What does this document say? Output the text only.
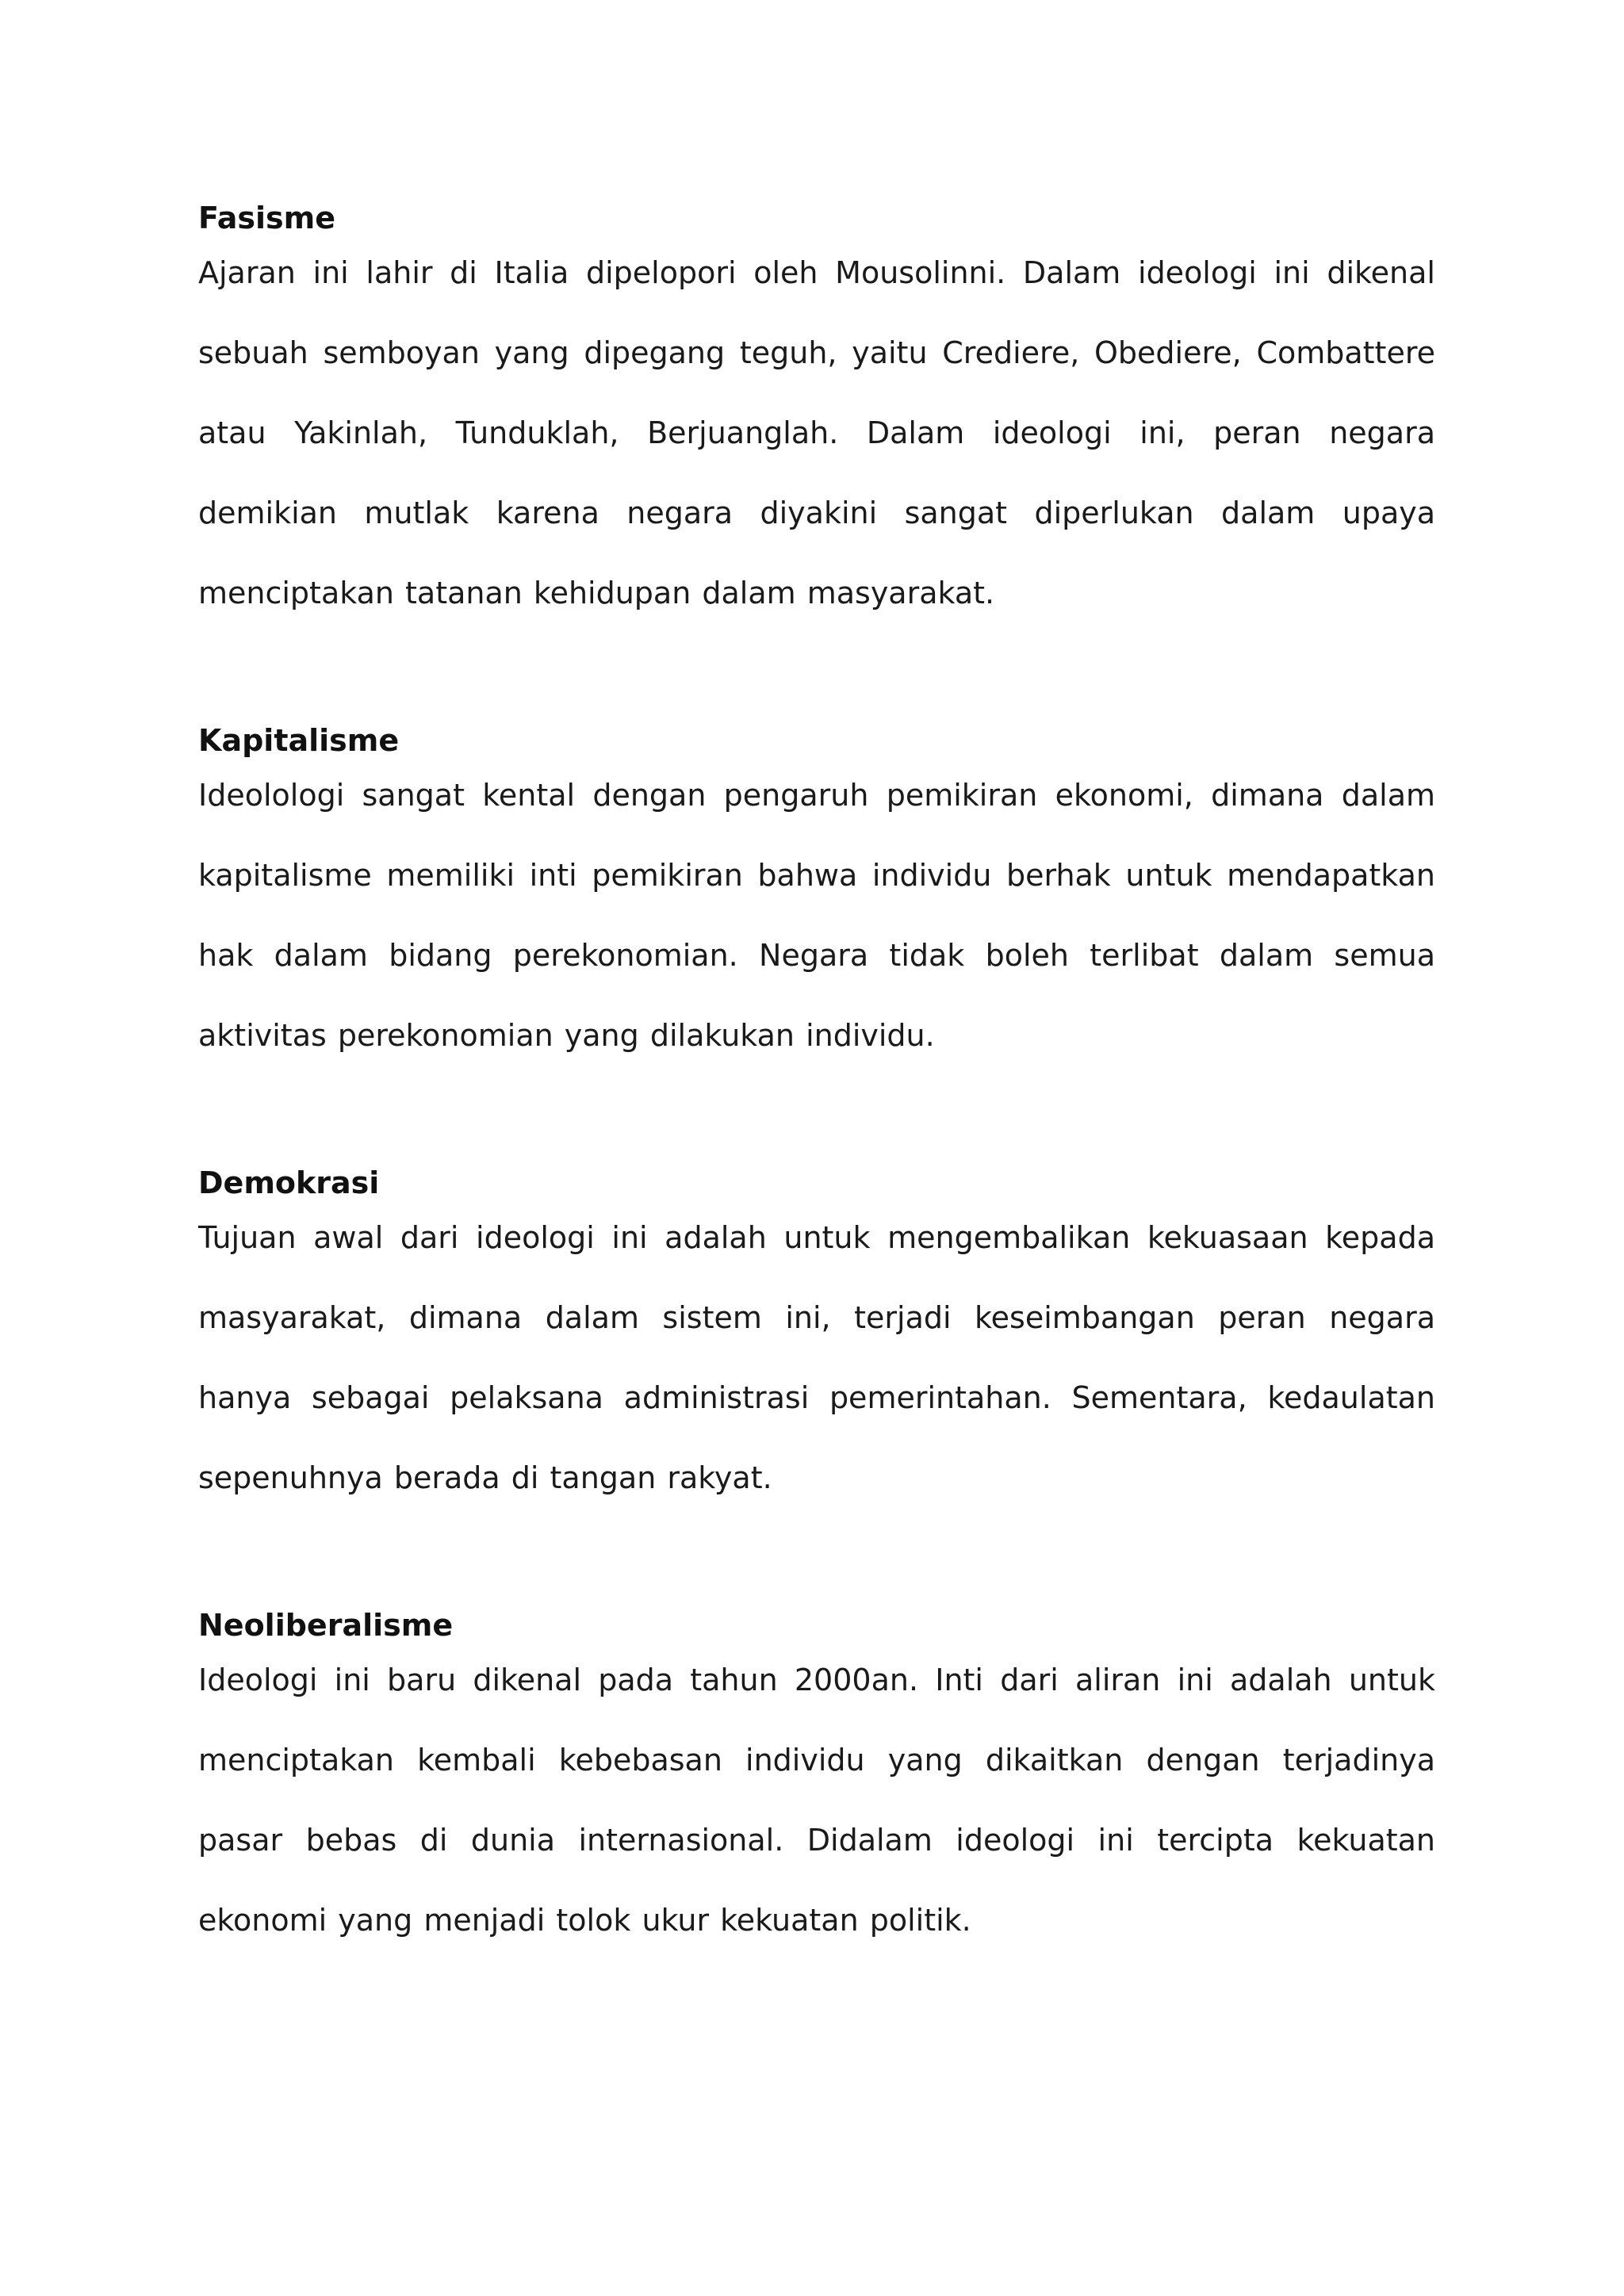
Fasisme

Ajaran ini lahir di Italia dipelopori oleh Mousolinni. Dalam ideologi ini dikenal sebuah semboyan yang dipegang teguh, yaitu Crediere, Obediere, Combattere atau Yakinlah, Tunduklah, Berjuanglah. Dalam ideologi ini, peran negara demikian mutlak karena negara diyakini sangat diperlukan dalam upaya menciptakan tatanan kehidupan dalam masyarakat.

Kapitalisme

Ideolologi sangat kental dengan pengaruh pemikiran ekonomi, dimana dalam kapitalisme memiliki inti pemikiran bahwa individu berhak untuk mendapatkan hak dalam bidang perekonomian. Negara tidak boleh terlibat dalam semua aktivitas perekonomian yang dilakukan individu.

Demokrasi

Tujuan awal dari ideologi ini adalah untuk mengembalikan kekuasaan kepada masyarakat, dimana dalam sistem ini, terjadi keseimbangan peran negara hanya sebagai pelaksana administrasi pemerintahan. Sementara, kedaulatan sepenuhnya berada di tangan rakyat.

Neoliberalisme

Ideologi ini baru dikenal pada tahun 2000an. Inti dari aliran ini adalah untuk menciptakan kembali kebebasan individu yang dikaitkan dengan terjadinya pasar bebas di dunia internasional. Didalam ideologi ini tercipta kekuatan ekonomi yang menjadi tolok ukur kekuatan politik.
